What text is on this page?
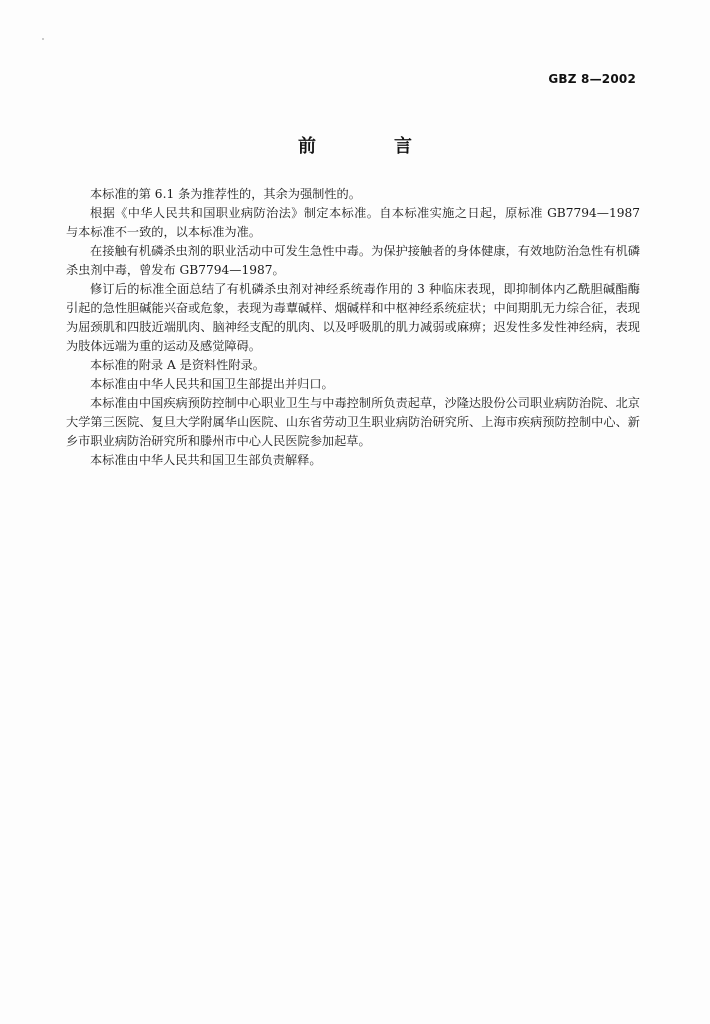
GBZ 8—2002
前　言

本标准的第 6.1 条为推荐性的，其余为强制性的。

根据《中华人民共和国职业病防治法》制定本标准。自本标准实施之日起，原标准 GB7794—1987 与本标准不一致的，以本标准为准。

在接触有机磷杀虫剂的职业活动中可发生急性中毒。为保护接触者的身体健康，有效地防治急性有机磷杀虫剂中毒，曾发布 GB7794—1987。

修订后的标准全面总结了有机磷杀虫剂对神经系统毒作用的 3 种临床表现，即抑制体内乙酰胆碱酯酶引起的急性胆碱能兴奋或危象，表现为毒蕈碱样、烟碱样和中枢神经系统症状；中间期肌无力综合征，表现为屈颈肌和四肢近端肌肉、脑神经支配的肌肉、以及呼吸肌的肌力减弱或麻痹；迟发性多发性神经病，表现为肢体远端为重的运动及感觉障碍。

本标准的附录 A 是资料性附录。

本标准由中华人民共和国卫生部提出并归口。

本标准由中国疾病预防控制中心职业卫生与中毒控制所负责起草，沙隆达股份公司职业病防治院、北京大学第三医院、复旦大学附属华山医院、山东省劳动卫生职业病防治研究所、上海市疾病预防控制中心、新乡市职业病防治研究所和滕州市中心人民医院参加起草。

本标准由中华人民共和国卫生部负责解释。
